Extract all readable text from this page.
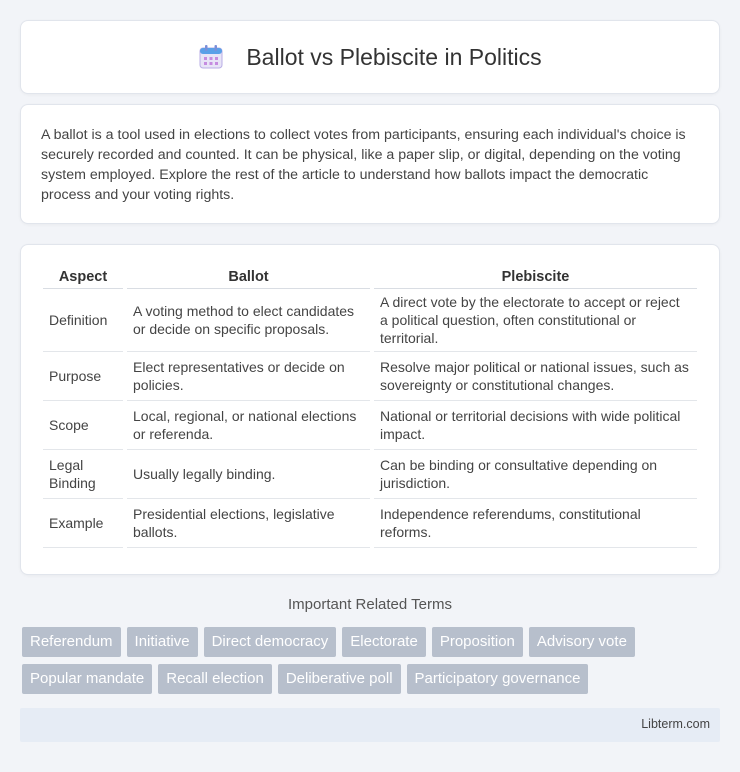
Ballot vs Plebiscite in Politics

A ballot is a tool used in elections to collect votes from participants, ensuring each individual's choice is securely recorded and counted. It can be physical, like a paper slip, or digital, depending on the voting system employed. Explore the rest of the article to understand how ballots impact the democratic process and your voting rights.

Aspect	Ballot	Plebiscite
Definition	A voting method to elect candidates or decide on specific proposals.	A direct vote by the electorate to accept or reject a political question, often constitutional or territorial.
Purpose	Elect representatives or decide on policies.	Resolve major political or national issues, such as sovereignty or constitutional changes.
Scope	Local, regional, or national elections or referenda.	National or territorial decisions with wide political impact.
Legal Binding	Usually legally binding.	Can be binding or consultative depending on jurisdiction.
Example	Presidential elections, legislative ballots.	Independence referendums, constitutional reforms.
Important Related Terms
Referendum	Initiative	Direct democracy	Electorate	Proposition	Advisory vote
Popular mandate	Recall election	Deliberative poll	Participatory governance
Libterm.com
